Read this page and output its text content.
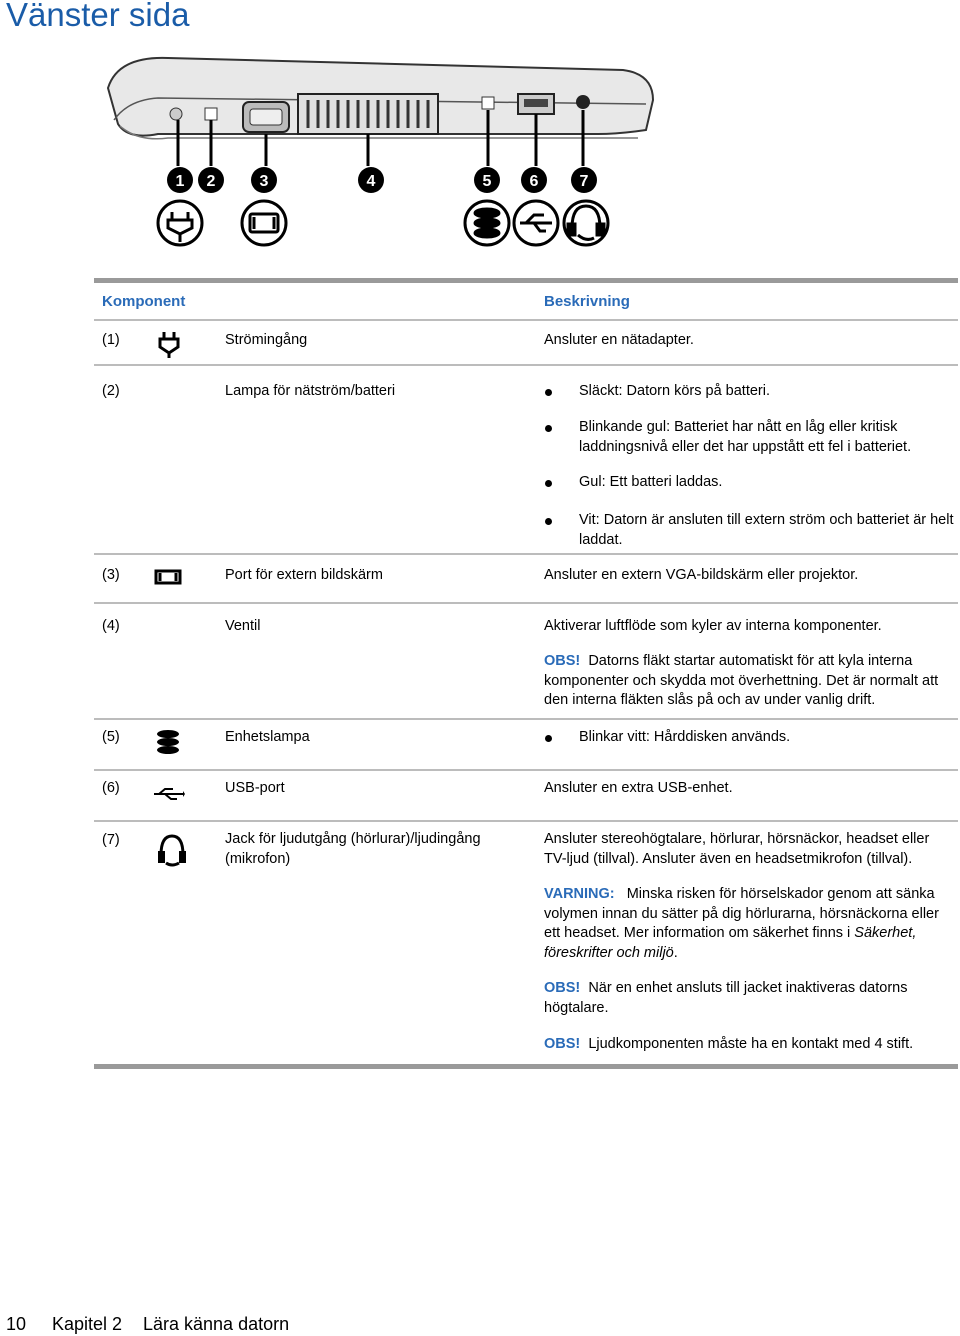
Vänster sida
1 2	3	4	5 6	7
Komponent	Beskrivning
(1)	Strömingång	Ansluter en nätadapter.
(2)	Lampa för nätström/batteri	Släckt: Datorn körs på batteri.
Blinkande gul: Batteriet har nått en låg eller kritisk laddningsnivå eller det har uppstått ett fel i batteriet.
Gul: Ett batteri laddas.
Vit: Datorn är ansluten till extern ström och batteriet är helt laddat.
(3)	Port för extern bildskärm	Ansluter en extern VGA-bildskärm eller projektor.
(4)	Ventil	Aktiverar luftflöde som kyler av interna komponenter.
OBS! Datorns fläkt startar automatiskt för att kyla interna komponenter och skydda mot överhettning. Det är normalt att den interna fläkten slås på och av under vanlig drift.
(5)	Enhetslampa	Blinkar vitt: Hårddisken används.
(6)	USB-port	Ansluter en extra USB-enhet.
(7)	Jack för ljudutgång (hörlurar)/ljudingång (mikrofon)
Ansluter stereohögtalare, hörlurar, hörsnäckor, headset eller TV-ljud (tillval). Ansluter även en headsetmikrofon (tillval).
VARNING: Minska risken för hörselskador genom att sänka volymen innan du sätter på dig hörlurarna, hörsnäckorna eller ett headset. Mer information om säkerhet finns i Säkerhet, föreskrifter och miljö.
OBS! När en enhet ansluts till jacket inaktiveras datorns högtalare.
OBS! Ljudkomponenten måste ha en kontakt med 4 stift.
10 Kapitel 2 Lära känna datorn
